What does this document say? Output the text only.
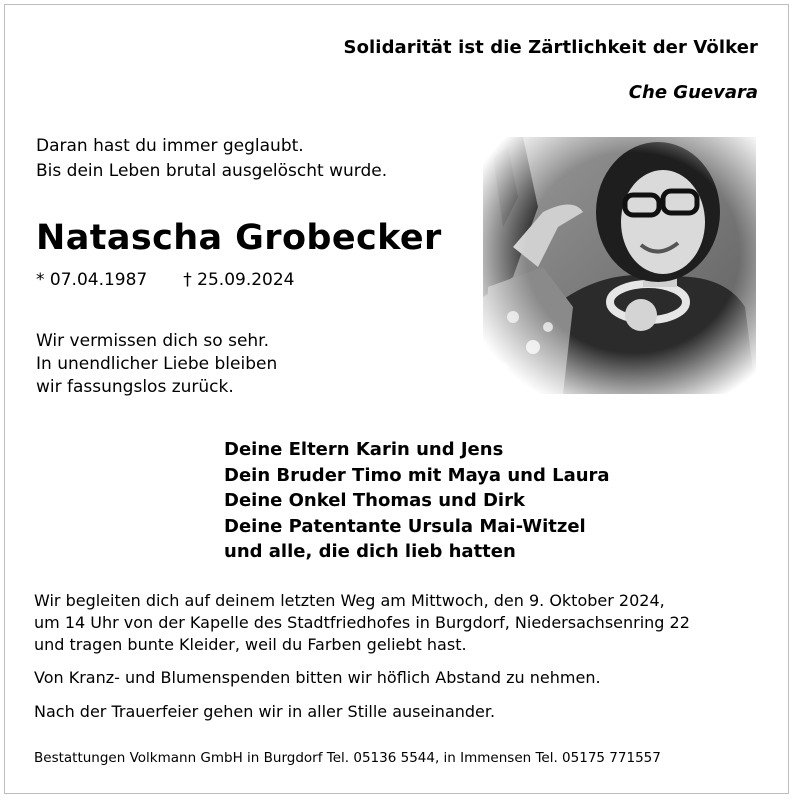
Solidarität ist die Zärtlichkeit der Völker
Che Guevara
Daran hast du immer geglaubt.
Bis dein Leben brutal ausgelöscht wurde.
Natascha Grobecker
* 07.04.1987 † 25.09.2024
Wir vermissen dich so sehr.
In unendlicher Liebe bleiben
wir fassungslos zurück.
Deine Eltern Karin und Jens
Dein Bruder Timo mit Maya und Laura
Deine Onkel Thomas und Dirk
Deine Patentante Ursula Mai-Witzel
und alle, die dich lieb hatten
Wir begleiten dich auf deinem letzten Weg am Mittwoch, den 9. Oktober 2024,
um 14 Uhr von der Kapelle des Stadtfriedhofes in Burgdorf, Niedersachsenring 22
und tragen bunte Kleider, weil du Farben geliebt hast.
Von Kranz- und Blumenspenden bitten wir höflich Abstand zu nehmen.
Nach der Trauerfeier gehen wir in aller Stille auseinander.
Bestattungen Volkmann GmbH in Burgdorf Tel. 05136 5544, in Immensen Tel. 05175 771557
